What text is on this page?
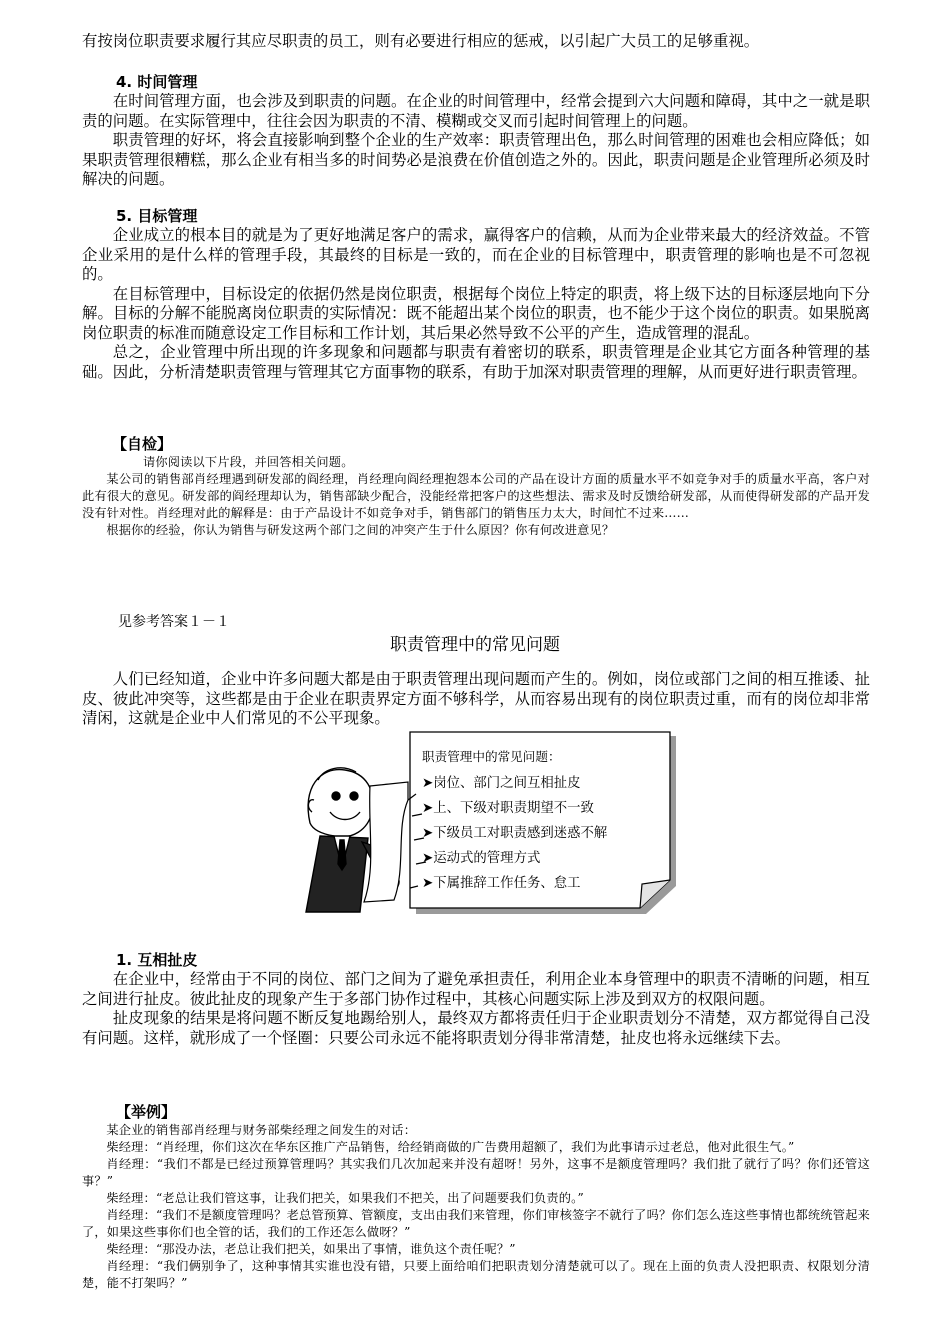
有按岗位职责要求履行其应尽职责的员工，则有必要进行相应的惩戒，以引起广大员工的足够重视。

4. 时间管理

在时间管理方面，也会涉及到职责的问题。在企业的时间管理中，经常会提到六大问题和障碍，其中之一就是职责的问题。在实际管理中，往往会因为职责的不清、模糊或交叉而引起时间管理上的问题。

职责管理的好坏，将会直接影响到整个企业的生产效率：职责管理出色，那么时间管理的困难也会相应降低；如果职责管理很糟糕，那么企业有相当多的时间势必是浪费在价值创造之外的。因此，职责问题是企业管理所必须及时解决的问题。

5. 目标管理

企业成立的根本目的就是为了更好地满足客户的需求，赢得客户的信赖，从而为企业带来最大的经济效益。不管企业采用的是什么样的管理手段，其最终的目标是一致的，而在企业的目标管理中，职责管理的影响也是不可忽视的。

在目标管理中，目标设定的依据仍然是岗位职责，根据每个岗位上特定的职责，将上级下达的目标逐层地向下分解。目标的分解不能脱离岗位职责的实际情况：既不能超出某个岗位的职责，也不能少于这个岗位的职责。如果脱离岗位职责的标准而随意设定工作目标和工作计划，其后果必然导致不公平的产生，造成管理的混乱。

总之，企业管理中所出现的许多现象和问题都与职责有着密切的联系，职责管理是企业其它方面各种管理的基础。因此，分析清楚职责管理与管理其它方面事物的联系，有助于加深对职责管理的理解，从而更好进行职责管理。

【自检】

请你阅读以下片段，并回答相关问题。

某公司的销售部肖经理遇到研发部的阎经理，肖经理向阎经理抱怨本公司的产品在设计方面的质量水平不如竞争对手的质量水平高，客户对此有很大的意见。研发部的阎经理却认为，销售部缺少配合，没能经常把客户的这些想法、需求及时反馈给研发部，从而使得研发部的产品开发没有针对性。肖经理对此的解释是：由于产品设计不如竞争对手，销售部门的销售压力太大，时间忙不过来……

根据你的经验，你认为销售与研发这两个部门之间的冲突产生于什么原因？你有何改进意见？

见参考答案１－１
职责管理中的常见问题

人们已经知道，企业中许多问题大都是由于职责管理出现问题而产生的。例如，岗位或部门之间的相互推诿、扯皮、彼此冲突等，这些都是由于企业在职责界定方面不够科学，从而容易出现有的岗位职责过重，而有的岗位却非常清闲，这就是企业中人们常见的不公平现象。

职责管理中的常见问题：
➤岗位、部门之间互相扯皮
➤上、下级对职责期望不一致
➤下级员工对职责感到迷惑不解
➤运动式的管理方式
➤下属推辞工作任务、怠工

1. 互相扯皮

在企业中，经常由于不同的岗位、部门之间为了避免承担责任，利用企业本身管理中的职责不清晰的问题，相互之间进行扯皮。彼此扯皮的现象产生于多部门协作过程中，其核心问题实际上涉及到双方的权限问题。

扯皮现象的结果是将问题不断反复地踢给别人，最终双方都将责任归于企业职责划分不清楚，双方都觉得自己没有问题。这样，就形成了一个怪圈：只要公司永远不能将职责划分得非常清楚，扯皮也将永远继续下去。

【举例】

某企业的销售部肖经理与财务部柴经理之间发生的对话：

柴经理：“肖经理，你们这次在华东区推广产品销售，给经销商做的广告费用超额了，我们为此事请示过老总，他对此很生气。”

肖经理：“我们不都是已经过预算管理吗？其实我们几次加起来并没有超呀！另外，这事不是额度管理吗？我们批了就行了吗？你们还管这事？”

柴经理：“老总让我们管这事，让我们把关，如果我们不把关，出了问题要我们负责的。”

肖经理：“我们不是额度管理吗？老总管预算、管额度，支出由我们来管理，你们审核签字不就行了吗？你们怎么连这些事情也都统统管起来了，如果这些事你们也全管的话，我们的工作还怎么做呀？”

柴经理：“那没办法，老总让我们把关，如果出了事情，谁负这个责任呢？”

肖经理：“我们俩别争了，这种事情其实谁也没有错，只要上面给咱们把职责划分清楚就可以了。现在上面的负责人没把职责、权限划分清楚，能不打架吗？”
